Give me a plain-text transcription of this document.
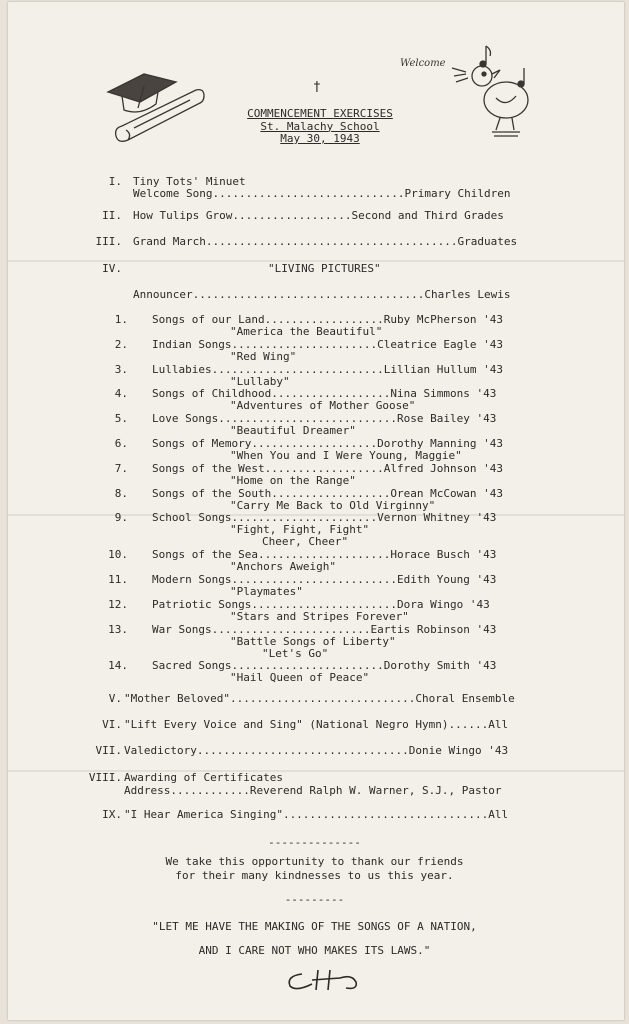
Welcome
†
COMMENCEMENT EXERCISES
St. Malachy School
May 30, 1943
I. Tiny Tots' Minuet
Welcome Song.............................Primary Children
II. How Tulips Grow..................Second and Third Grades
III. Grand March......................................Graduates
IV.	"LIVING PICTURES"
Announcer...................................Charles Lewis
1. Songs of our Land..................Ruby McPherson '43
"America the Beautiful"
2. Indian Songs......................Cleatrice Eagle '43
"Red Wing"
3. Lullabies..........................Lillian Hullum '43
"Lullaby"
4. Songs of Childhood..................Nina Simmons '43
"Adventures of Mother Goose"
5. Love Songs...........................Rose Bailey '43
"Beautiful Dreamer"
6. Songs of Memory...................Dorothy Manning '43
"When You and I Were Young, Maggie"
7. Songs of the West..................Alfred Johnson '43
"Home on the Range"
8. Songs of the South..................Orean McCowan '43
"Carry Me Back to Old Virginny"
9. School Songs......................Vernon Whitney '43
"Fight, Fight, Fight"
Cheer, Cheer"
10. Songs of the Sea....................Horace Busch '43
"Anchors Aweigh"
11. Modern Songs.........................Edith Young '43
"Playmates"
12. Patriotic Songs......................Dora Wingo '43
"Stars and Stripes Forever"
13. War Songs........................Eartis Robinson '43
"Battle Songs of Liberty"
"Let's Go"
14. Sacred Songs.......................Dorothy Smith '43
"Hail Queen of Peace"
V. "Mother Beloved"............................Choral Ensemble
VI. "Lift Every Voice and Sing" (National Negro Hymn)......All
VII. Valedictory................................Donie Wingo '43
VIII. Awarding of Certificates
Address............Reverend Ralph W. Warner, S.J., Pastor
IX. "I Hear America Singing"...............................All
--------------
We take this opportunity to thank our friends
for their many kindnesses to us this year.
---------
"LET ME HAVE THE MAKING OF THE SONGS OF A NATION,
AND I CARE NOT WHO MAKES ITS LAWS."
